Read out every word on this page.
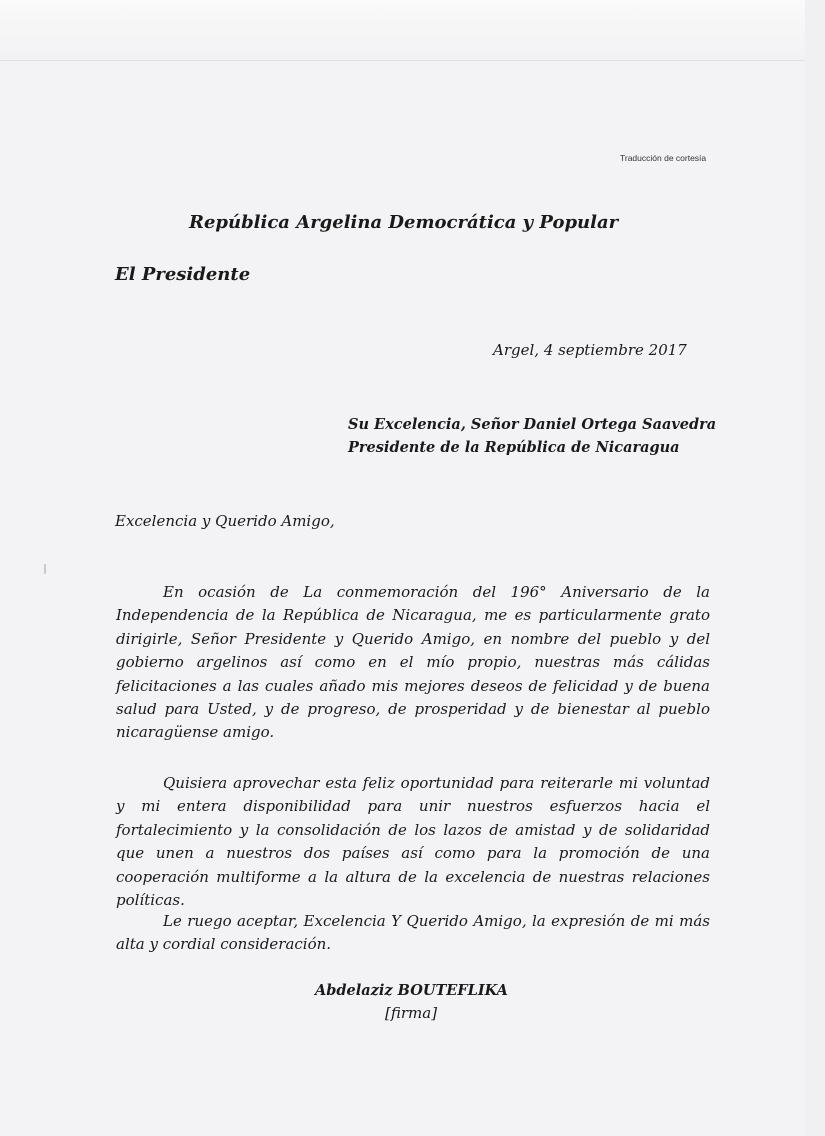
Traducción de cortesía
República Argelina Democrática y Popular
El Presidente
Argel, 4 septiembre 2017
Su Excelencia, Señor Daniel Ortega Saavedra
Presidente de la República de Nicaragua
Excelencia y Querido Amigo,

En ocasión de La conmemoración del 196° Aniversario de la Independencia de la República de Nicaragua, me es particularmente grato dirigirle, Señor Presidente y Querido Amigo, en nombre del pueblo y del gobierno argelinos así como en el mío propio, nuestras más cálidas felicitaciones a las cuales añado mis mejores deseos de felicidad y de buena salud para Usted, y de progreso, de prosperidad y de bienestar al pueblo nicaragüense amigo.

Quisiera aprovechar esta feliz oportunidad para reiterarle mi voluntad y mi entera disponibilidad para unir nuestros esfuerzos hacia el fortalecimiento y la consolidación de los lazos de amistad y de solidaridad que unen a nuestros dos países así como para la promoción de una cooperación multiforme a la altura de la excelencia de nuestras relaciones políticas.

Le ruego aceptar, Excelencia Y Querido Amigo, la expresión de mi más alta y cordial consideración.

Abdelaziz BOUTEFLIKA
[firma]
